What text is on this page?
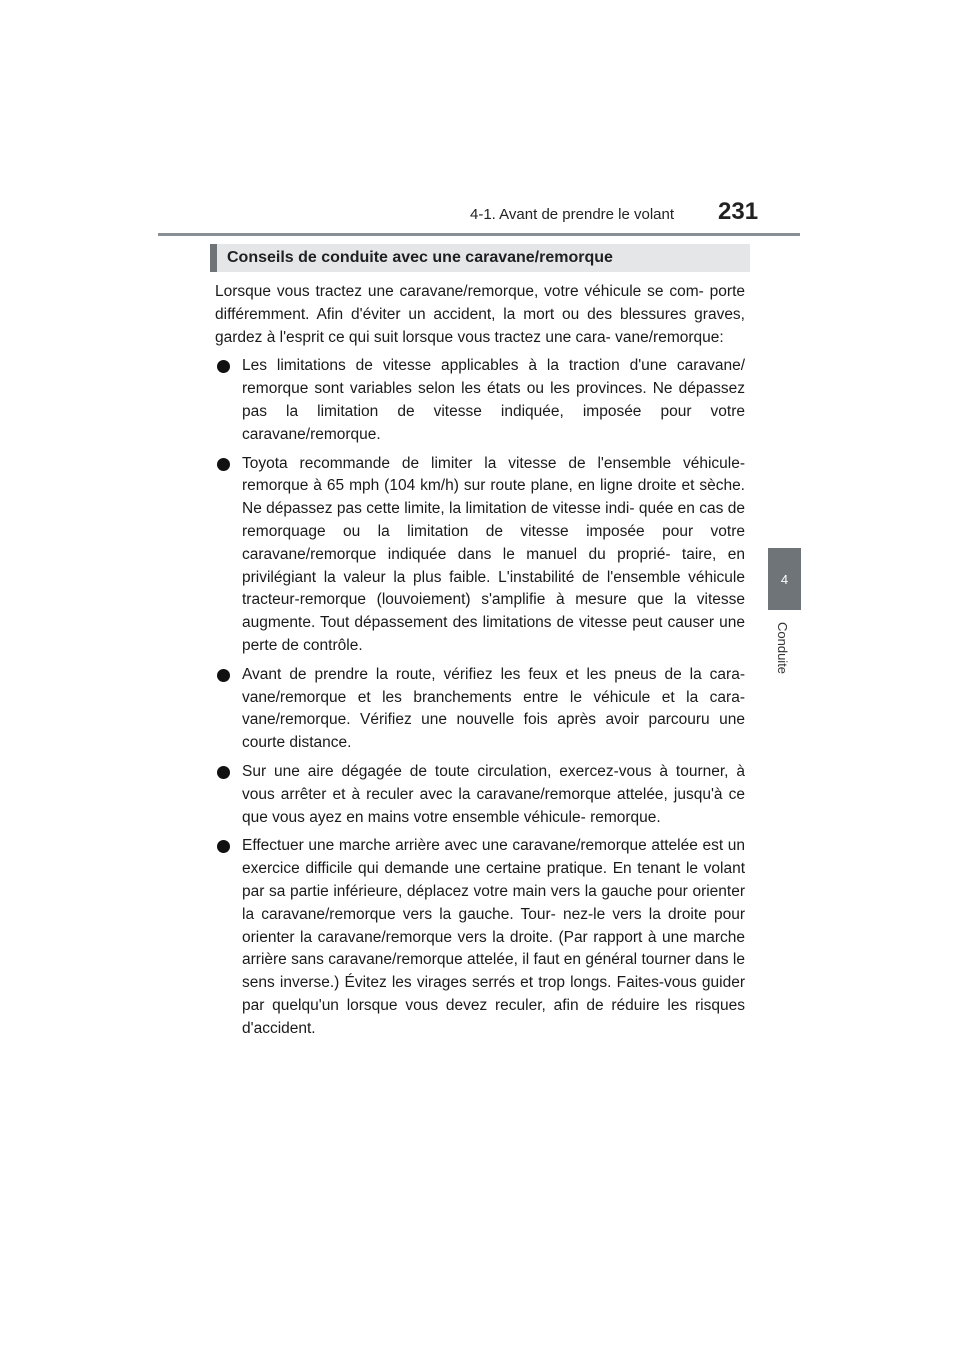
4-1. Avant de prendre le volant 231
4
Conduite
Conseils de conduite avec une caravane/remorque

Lorsque vous tractez une caravane/remorque, votre véhicule se com- porte différemment. Afin d'éviter un accident, la mort ou des blessures graves, gardez à l'esprit ce qui suit lorsque vous tractez une cara- vane/remorque:

Les limitations de vitesse applicables à la traction d'une caravane/ remorque sont variables selon les états ou les provinces. Ne dépassez pas la limitation de vitesse indiquée, imposée pour votre caravane/remorque.
Toyota recommande de limiter la vitesse de l'ensemble véhicule- remorque à 65 mph (104 km/h) sur route plane, en ligne droite et sèche. Ne dépassez pas cette limite, la limitation de vitesse indi- quée en cas de remorquage ou la limitation de vitesse imposée pour votre caravane/remorque indiquée dans le manuel du proprié- taire, en privilégiant la valeur la plus faible. L'instabilité de l'ensemble véhicule tracteur-remorque (louvoiement) s'amplifie à mesure que la vitesse augmente. Tout dépassement des limitations de vitesse peut causer une perte de contrôle.
Avant de prendre la route, vérifiez les feux et les pneus de la cara- vane/remorque et les branchements entre le véhicule et la cara- vane/remorque. Vérifiez une nouvelle fois après avoir parcouru une courte distance.
Sur une aire dégagée de toute circulation, exercez-vous à tourner, à vous arrêter et à reculer avec la caravane/remorque attelée, jusqu'à ce que vous ayez en mains votre ensemble véhicule- remorque.
Effectuer une marche arrière avec une caravane/remorque attelée est un exercice difficile qui demande une certaine pratique. En tenant le volant par sa partie inférieure, déplacez votre main vers la gauche pour orienter la caravane/remorque vers la gauche. Tour- nez-le vers la droite pour orienter la caravane/remorque vers la droite. (Par rapport à une marche arrière sans caravane/remorque attelée, il faut en général tourner dans le sens inverse.) Évitez les virages serrés et trop longs. Faites-vous guider par quelqu'un lorsque vous devez reculer, afin de réduire les risques d'accident.
